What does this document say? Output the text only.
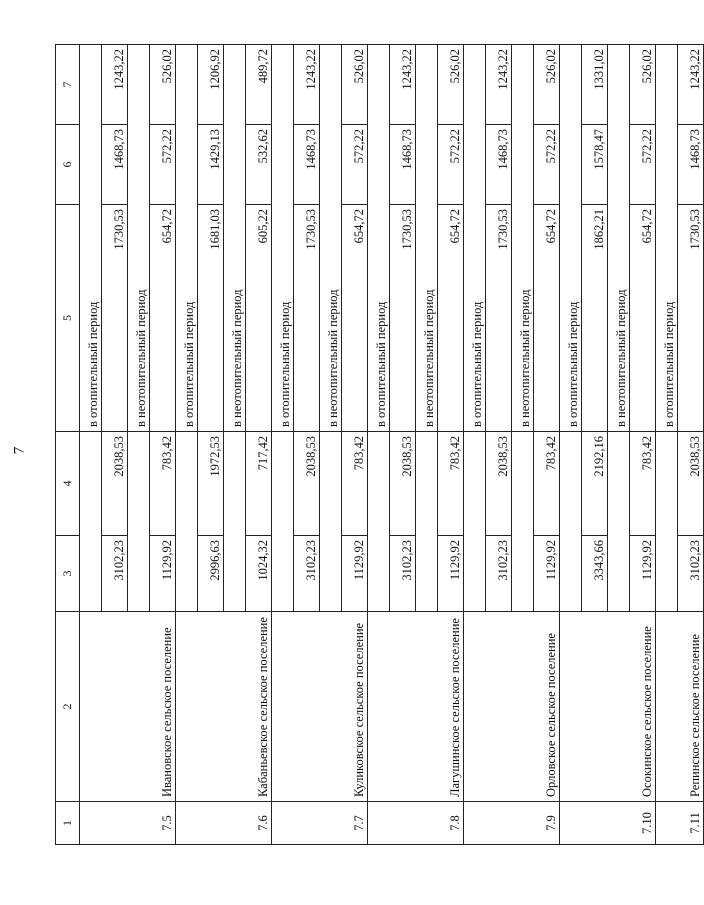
7
1	2	3	4	5	6	7
7.5	Ивановское сельское поселение			в отопительный период		
		3102,23	2038,53	1730,53	1468,73	1243,22
				в неотопительный период		
		1129,92	783,42	654,72	572,22	526,02
7.6	Кабаньевское сельское поселение			в отопительный период		
		2996,63	1972,53	1681,03	1429,13	1206,92
				в неотопительный период		
		1024,32	717,42	605,22	532,62	489,72
7.7	Куликовское сельское поселение			в отопительный период		
		3102,23	2038,53	1730,53	1468,73	1243,22
				в неотопительный период		
		1129,92	783,42	654,72	572,22	526,02
7.8	Лагушинское сельское поселение			в отопительный период		
		3102,23	2038,53	1730,53	1468,73	1243,22
				в неотопительный период		
		1129,92	783,42	654,72	572,22	526,02
7.9	Орловское сельское поселение			в отопительный период		
		3102,23	2038,53	1730,53	1468,73	1243,22
				в неотопительный период		
		1129,92	783,42	654,72	572,22	526,02
7.10	Осокинское сельское поселение			в отопительный период		
		3343,66	2192,16	1862,21	1578,47	1331,02
				в неотопительный период		
		1129,92	783,42	654,72	572,22	526,02
7.11	Репинское сельское поселение			в отопительный период		
		3102,23	2038,53	1730,53	1468,73	1243,22
